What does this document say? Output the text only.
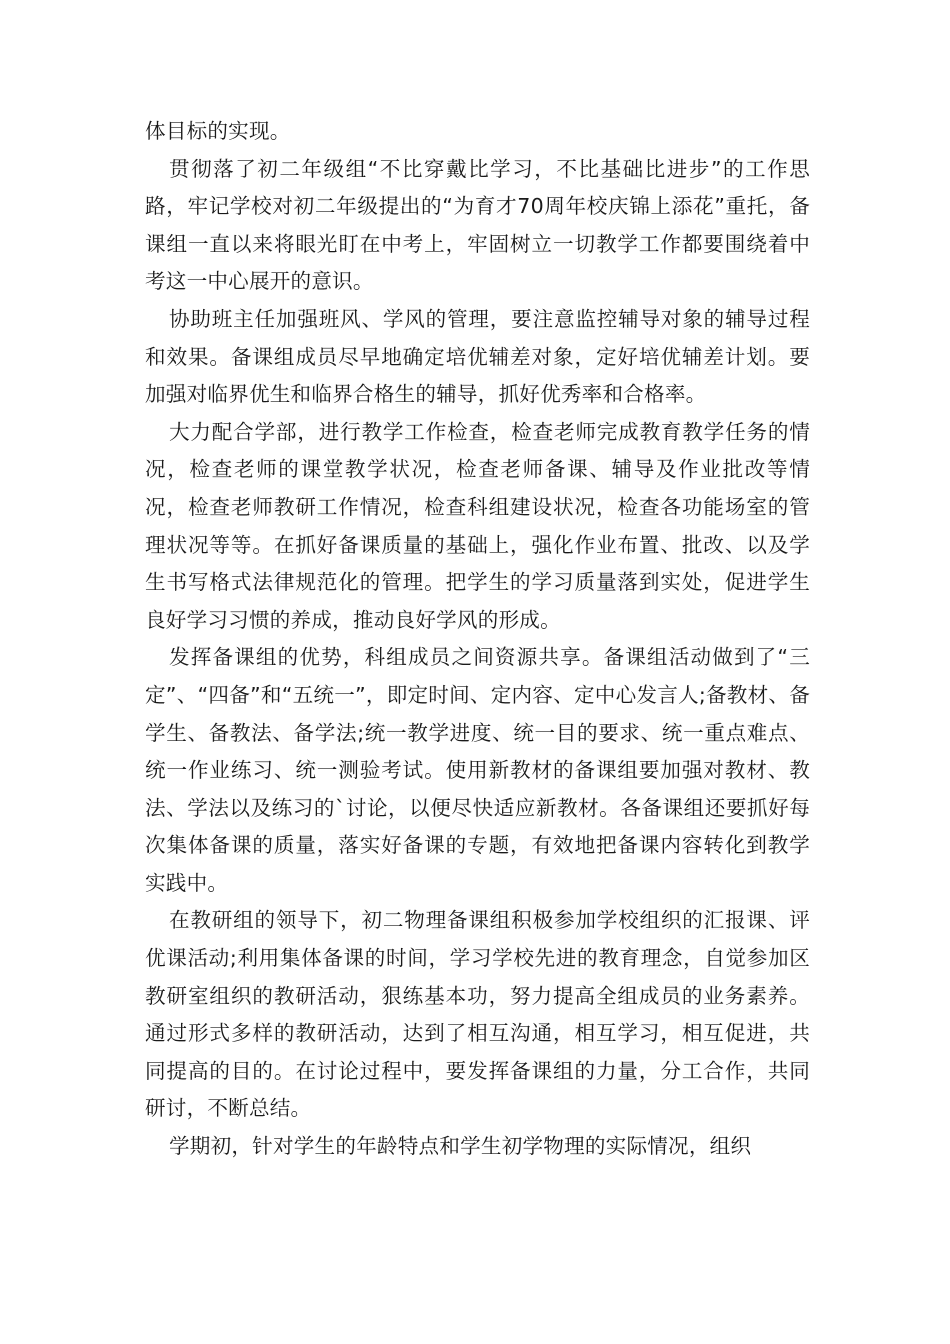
体目标的实现。

贯彻落了初二年级组“不比穿戴比学习，不比基础比进步”的工作思路，牢记学校对初二年级提出的“为育才70周年校庆锦上添花”重托，备课组一直以来将眼光盯在中考上，牢固树立一切教学工作都要围绕着中考这一中心展开的意识。

协助班主任加强班风、学风的管理，要注意监控辅导对象的辅导过程和效果。备课组成员尽早地确定培优辅差对象，定好培优辅差计划。要加强对临界优生和临界合格生的辅导，抓好优秀率和合格率。

大力配合学部，进行教学工作检查，检查老师完成教育教学任务的情况，检查老师的课堂教学状况，检查老师备课、辅导及作业批改等情况，检查老师教研工作情况，检查科组建设状况，检查各功能场室的管理状况等等。在抓好备课质量的基础上，强化作业布置、批改、以及学生书写格式法律规范化的管理。把学生的学习质量落到实处，促进学生良好学习习惯的养成，推动良好学风的形成。

发挥备课组的优势，科组成员之间资源共享。备课组活动做到了“三定”、“四备”和“五统一”，即定时间、定内容、定中心发言人;备教材、备学生、备教法、备学法;统一教学进度、统一目的要求、统一重点难点、统一作业练习、统一测验考试。使用新教材的备课组要加强对教材、教法、学法以及练习的`讨论，以便尽快适应新教材。各备课组还要抓好每次集体备课的质量，落实好备课的专题，有效地把备课内容转化到教学实践中。

在教研组的领导下，初二物理备课组积极参加学校组织的汇报课、评优课活动;利用集体备课的时间，学习学校先进的教育理念，自觉参加区教研室组织的教研活动，狠练基本功，努力提高全组成员的业务素养。通过形式多样的教研活动，达到了相互沟通，相互学习，相互促进，共同提高的目的。在讨论过程中，要发挥备课组的力量，分工合作，共同研讨，不断总结。

学期初，针对学生的年龄特点和学生初学物理的实际情况，组织
